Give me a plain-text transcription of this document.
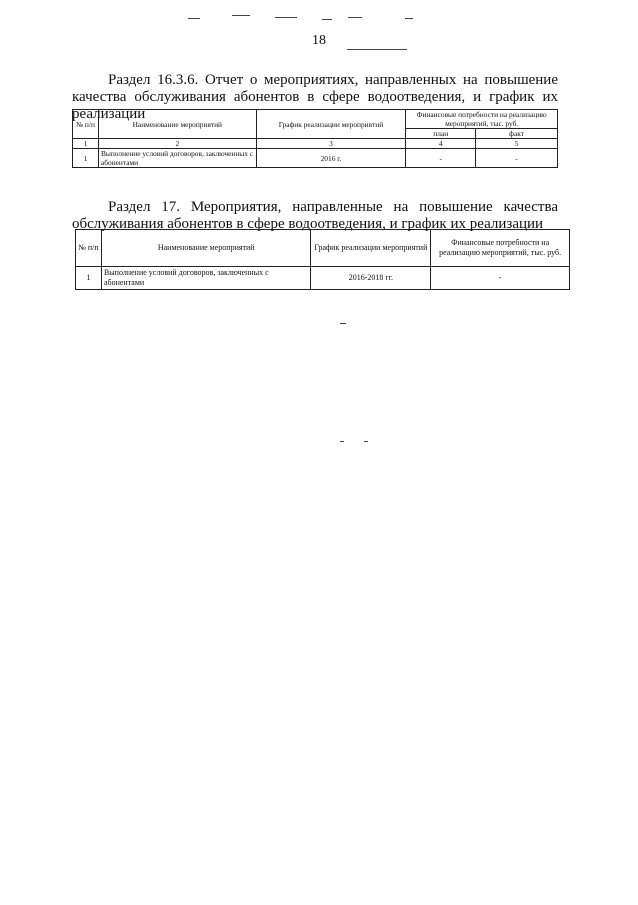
18
Раздел 16.3.6. Отчет о мероприятиях, направленных на повышение качества обслуживания абонентов в сфере водоотведения, и график их реализации
№ п/п	Наименование мероприятий	График реализации мероприятий	Финансовые потребности на реализацию мероприятий, тыс. руб.	
			план	факт
1	2	3	4	5
1	Выполнение условий договоров, заключенных с абонентами	2016 г.	-	-
Раздел 17. Мероприятия, направленные на повышение качества обслуживания абонентов в сфере водоотведения, и график их реализации
№ п/п	Наименование мероприятий	График реализации мероприятий	Финансовые потребности на реализацию мероприятий, тыс. руб.
1	Выполнение условий договоров, заключенных с абонентами	2016-2018 гг.	-
